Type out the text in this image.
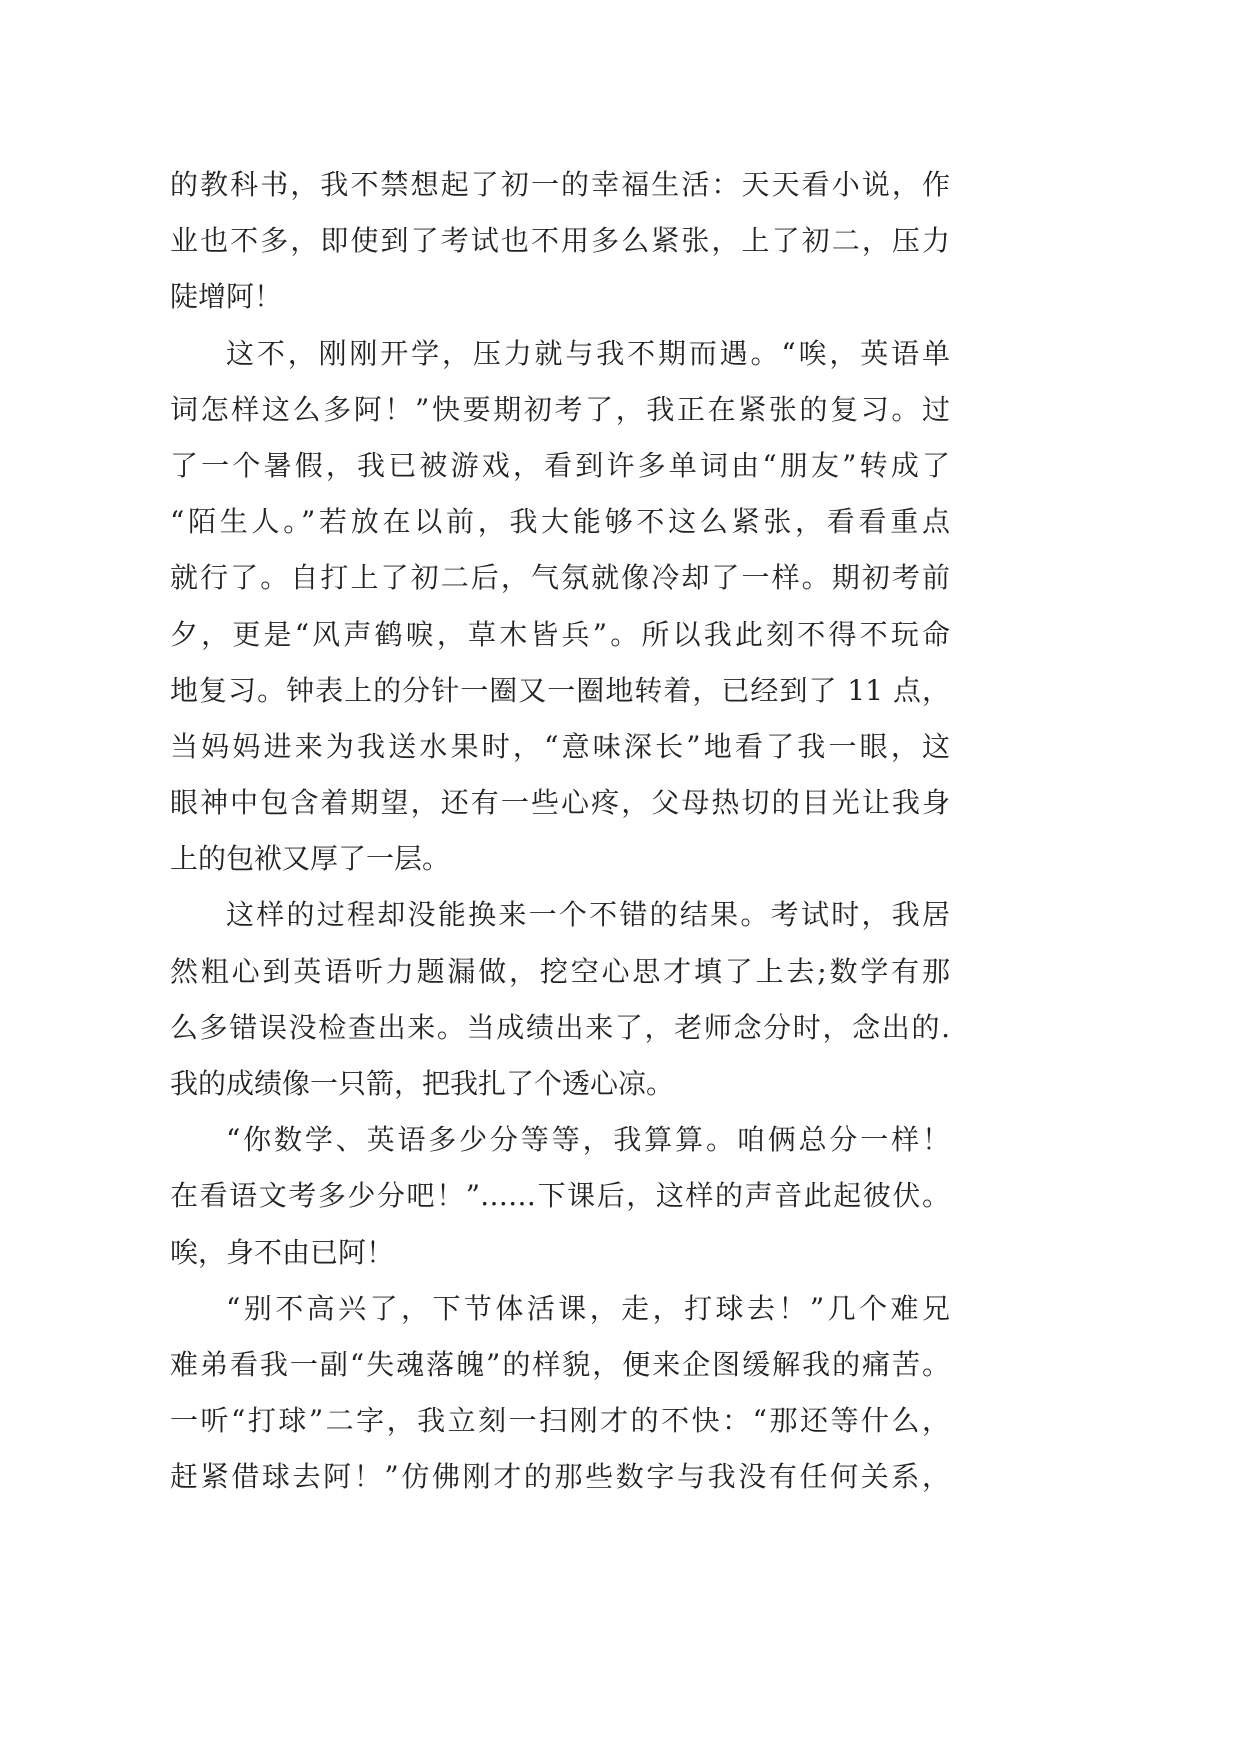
的教科书，我不禁想起了初一的幸福生活：天天看小说，作
业也不多，即使到了考试也不用多么紧张，上了初二，压力
陡增阿！
这不，刚刚开学，压力就与我不期而遇。“唉，英语单
词怎样这么多阿！”快要期初考了，我正在紧张的复习。过
了一个暑假，我已被游戏，看到许多单词由“朋友”转成了
“陌生人。”若放在以前，我大能够不这么紧张，看看重点
就行了。自打上了初二后，气氛就像冷却了一样。期初考前
夕，更是“风声鹤唳，草木皆兵”。所以我此刻不得不玩命
地复习。钟表上的分针一圈又一圈地转着，已经到了 11 点，
当妈妈进来为我送水果时，“意味深长”地看了我一眼，这
眼神中包含着期望，还有一些心疼，父母热切的目光让我身
上的包袱又厚了一层。
这样的过程却没能换来一个不错的结果。考试时，我居
然粗心到英语听力题漏做，挖空心思才填了上去;数学有那
么多错误没检查出来。当成绩出来了，老师念分时，念出的.
我的成绩像一只箭，把我扎了个透心凉。
“你数学、英语多少分等等，我算算。咱俩总分一样！
在看语文考多少分吧！”……下课后，这样的声音此起彼伏。
唉，身不由已阿！
“别不高兴了，下节体活课，走，打球去！”几个难兄
难弟看我一副“失魂落魄”的样貌，便来企图缓解我的痛苦。
一听“打球”二字，我立刻一扫刚才的不快：“那还等什么，
赶紧借球去阿！”仿佛刚才的那些数字与我没有任何关系，
